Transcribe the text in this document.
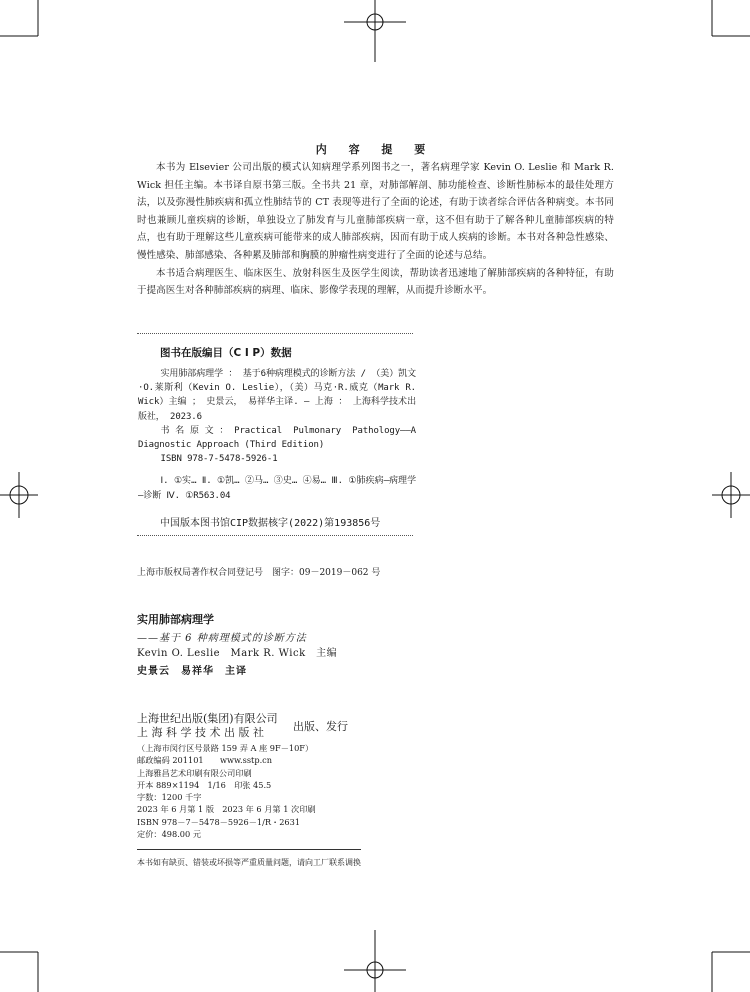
内 容 提 要

本书为 Elsevier 公司出版的模式认知病理学系列图书之一，著名病理学家 Kevin O. Leslie 和 Mark R. Wick 担任主编。本书译自原书第三版。全书共 21 章，对肺部解剖、肺功能检查、诊断性肺标本的最佳处理方法，以及弥漫性肺疾病和孤立性肺结节的 CT 表现等进行了全面的论述，有助于读者综合评估各种病变。本书同时也兼顾儿童疾病的诊断，单独设立了肺发育与儿童肺部疾病一章，这不但有助于了解各种儿童肺部疾病的特点，也有助于理解这些儿童疾病可能带来的成人肺部疾病，因而有助于成人疾病的诊断。本书对各种急性感染、慢性感染、肺部感染、各种累及肺部和胸膜的肿瘤性病变进行了全面的论述与总结。

本书适合病理医生、临床医生、放射科医生及医学生阅读，帮助读者迅速地了解肺部疾病的各种特征，有助于提高医生对各种肺部疾病的病理、临床、影像学表现的理解，从而提升诊断水平。

图书在版编目（C I P）数据

实用肺部病理学 ： 基于6种病理模式的诊断方法 / （美）凯文·O.莱斯利（Kevin O. Leslie），（美）马克·R.威克（Mark R. Wick）主编 ； 史景云， 易祥华主译. — 上海 ： 上海科学技术出版社， 2023.6

书名原文：Practical Pulmonary Pathology——A Diagnostic Approach (Third Edition)

ISBN 978-7-5478-5926-1

Ⅰ. ①实… Ⅱ. ①凯… ②马… ③史… ④易… Ⅲ. ①肺疾病—病理学—诊断 Ⅳ. ①R563.04

中国版本图书馆CIP数据核字(2022)第193856号
上海市版权局著作权合同登记号　图字：09－2019－062 号
实用肺部病理学
——基于 6 种病理模式的诊断方法
Kevin O. Leslie　Mark R. Wick　主编
史景云　易祥华　主译
上海世纪出版(集团)有限公司
上 海 科 学 技 术 出 版 社	出版、发行
（上海市闵行区号景路 159 弄 A 座 9F－10F）
邮政编码 201101　　www.sstp.cn
上海雅昌艺术印刷有限公司印刷
开本 889×1194　1/16　印张 45.5
字数：1200 千字
2023 年 6 月第 1 版　2023 年 6 月第 1 次印刷
ISBN 978－7－5478－5926－1/R・2631
定价：498.00 元
本书如有缺页、错装或坏损等严重质量问题，请向工厂联系调换
